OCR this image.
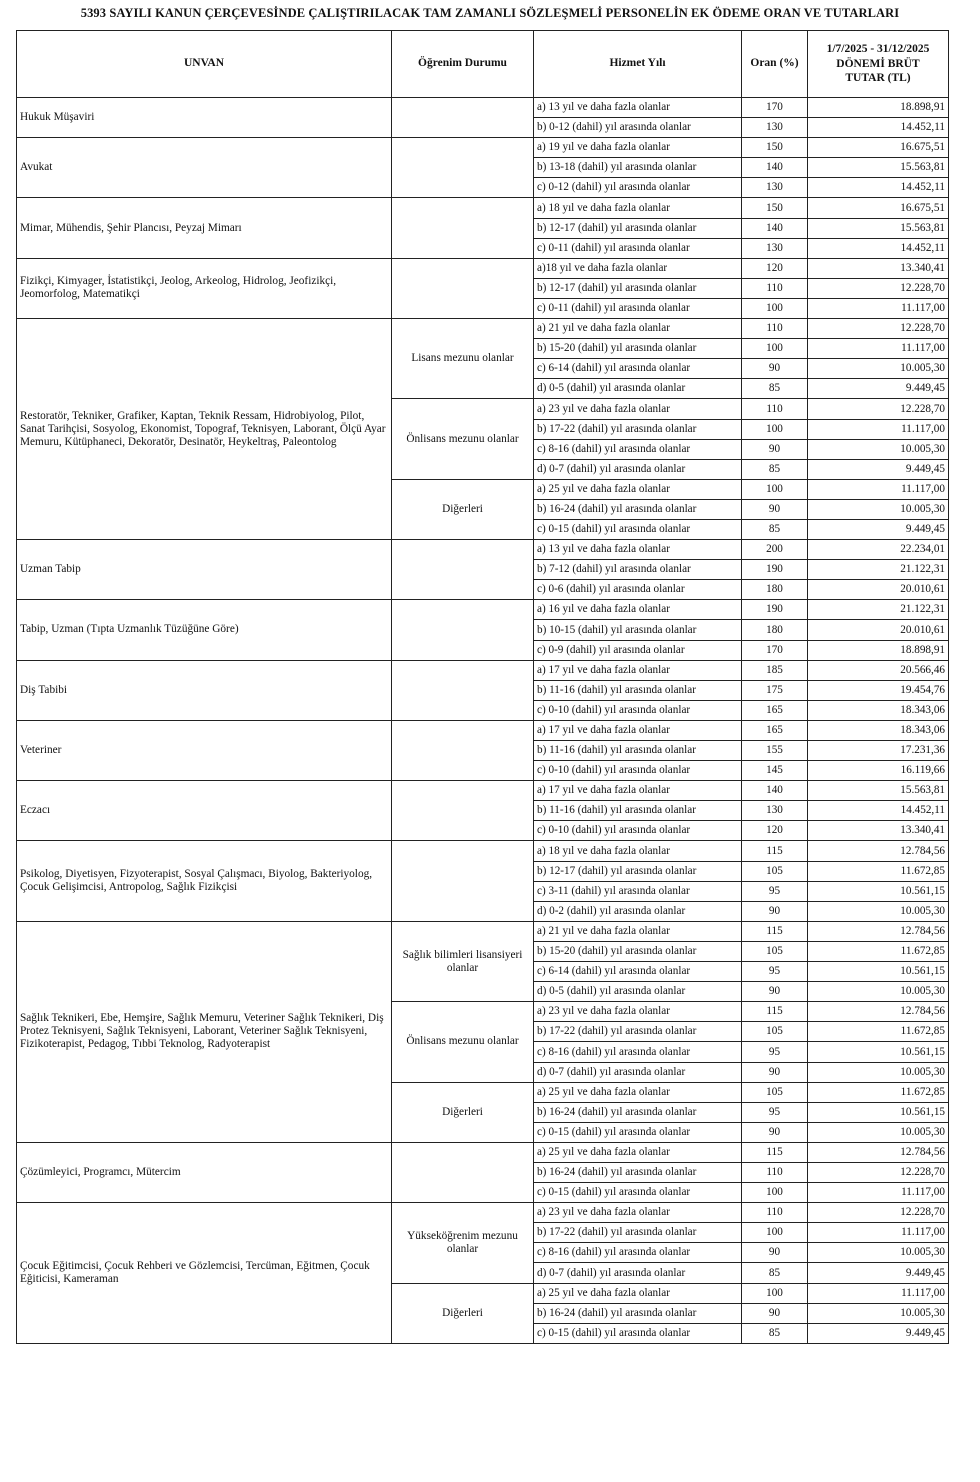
5393 SAYILI KANUN ÇERÇEVESİNDE ÇALIŞTIRILACAK TAM ZAMANLI SÖZLEŞMELİ PERSONELİN EK ÖDEME ORAN VE TUTARLARI
UNVAN	Öğrenim Durumu	Hizmet Yılı	Oran (%)	1/7/2025 - 31/12/2025
DÖNEMİ BRÜT
TUTAR (TL)

Hukuk Müşaviri		a) 13 yıl ve daha fazla olanlar	170	18.898,91
		b) 0-12 (dahil) yıl arasında olanlar	130	14.452,11
Avukat		a) 19 yıl ve daha fazla olanlar	150	16.675,51
		b) 13-18 (dahil) yıl arasında olanlar	140	15.563,81
		c) 0-12 (dahil) yıl arasında olanlar	130	14.452,11
Mimar, Mühendis, Şehir Plancısı, Peyzaj Mimarı		a) 18 yıl ve daha fazla olanlar	150	16.675,51
		b) 12-17 (dahil) yıl arasında olanlar	140	15.563,81
		c) 0-11 (dahil) yıl arasında olanlar	130	14.452,11
Fizikçi, Kimyager, İstatistikçi, Jeolog, Arkeolog, Hidrolog, Jeofizikçi, Jeomorfolog, Matematikçi		a)18 yıl ve daha fazla olanlar	120	13.340,41
		b) 12-17 (dahil) yıl arasında olanlar	110	12.228,70
		c) 0-11 (dahil) yıl arasında olanlar	100	11.117,00
Restoratör, Tekniker, Grafiker, Kaptan, Teknik Ressam, Hidrobiyolog, Pilot, Sanat Tarihçisi, Sosyolog, Ekonomist, Topograf, Teknisyen, Laborant, Ölçü Ayar Memuru, Kütüphaneci, Dekoratör, Desinatör, Heykeltraş, Paleontolog	Lisans mezunu olanlar	a) 21 yıl ve daha fazla olanlar	110	12.228,70
		b) 15-20 (dahil) yıl arasında olanlar	100	11.117,00
		c) 6-14 (dahil) yıl arasında olanlar	90	10.005,30
		d) 0-5 (dahil) yıl arasında olanlar	85	9.449,45
	Önlisans mezunu olanlar	a) 23 yıl ve daha fazla olanlar	110	12.228,70
		b) 17-22 (dahil) yıl arasında olanlar	100	11.117,00
		c) 8-16 (dahil) yıl arasında olanlar	90	10.005,30
		d) 0-7 (dahil) yıl arasında olanlar	85	9.449,45
	Diğerleri	a) 25 yıl ve daha fazla olanlar	100	11.117,00
		b) 16-24 (dahil) yıl arasında olanlar	90	10.005,30
		c) 0-15 (dahil) yıl arasında olanlar	85	9.449,45
Uzman Tabip		a) 13 yıl ve daha fazla olanlar	200	22.234,01
		b) 7-12 (dahil) yıl arasında olanlar	190	21.122,31
		c) 0-6 (dahil) yıl arasında olanlar	180	20.010,61
Tabip, Uzman (Tıpta Uzmanlık Tüzüğüne Göre)		a) 16 yıl ve daha fazla olanlar	190	21.122,31
		b) 10-15 (dahil) yıl arasında olanlar	180	20.010,61
		c) 0-9 (dahil) yıl arasında olanlar	170	18.898,91
Diş Tabibi		a) 17 yıl ve daha fazla olanlar	185	20.566,46
		b) 11-16 (dahil) yıl arasında olanlar	175	19.454,76
		c) 0-10 (dahil) yıl arasında olanlar	165	18.343,06
Veteriner		a) 17 yıl ve daha fazla olanlar	165	18.343,06
		b) 11-16 (dahil) yıl arasında olanlar	155	17.231,36
		c) 0-10 (dahil) yıl arasında olanlar	145	16.119,66
Eczacı		a) 17 yıl ve daha fazla olanlar	140	15.563,81
		b) 11-16 (dahil) yıl arasında olanlar	130	14.452,11
		c) 0-10 (dahil) yıl arasında olanlar	120	13.340,41
Psikolog, Diyetisyen, Fizyoterapist, Sosyal Çalışmacı, Biyolog, Bakteriyolog, Çocuk Gelişimcisi, Antropolog, Sağlık Fizikçisi		a) 18 yıl ve daha fazla olanlar	115	12.784,56
		b) 12-17 (dahil) yıl arasında olanlar	105	11.672,85
		c) 3-11 (dahil) yıl arasında olanlar	95	10.561,15
		d) 0-2 (dahil) yıl arasında olanlar	90	10.005,30
Sağlık Teknikeri, Ebe, Hemşire, Sağlık Memuru, Veteriner Sağlık Teknikeri, Diş Protez Teknisyeni, Sağlık Teknisyeni, Laborant, Veteriner Sağlık Teknisyeni, Fizikoterapist, Pedagog, Tıbbi Teknolog, Radyoterapist	Sağlık bilimleri lisansiyeri olanlar	a) 21 yıl ve daha fazla olanlar	115	12.784,56
		b) 15-20 (dahil) yıl arasında olanlar	105	11.672,85
		c) 6-14 (dahil) yıl arasında olanlar	95	10.561,15
		d) 0-5 (dahil) yıl arasında olanlar	90	10.005,30
	Önlisans mezunu olanlar	a) 23 yıl ve daha fazla olanlar	115	12.784,56
		b) 17-22 (dahil) yıl arasında olanlar	105	11.672,85
		c) 8-16 (dahil) yıl arasında olanlar	95	10.561,15
		d) 0-7 (dahil) yıl arasında olanlar	90	10.005,30
	Diğerleri	a) 25 yıl ve daha fazla olanlar	105	11.672,85
		b) 16-24 (dahil) yıl arasında olanlar	95	10.561,15
		c) 0-15 (dahil) yıl arasında olanlar	90	10.005,30
Çözümleyici, Programcı, Mütercim		a) 25 yıl ve daha fazla olanlar	115	12.784,56
		b) 16-24 (dahil) yıl arasında olanlar	110	12.228,70
		c) 0-15 (dahil) yıl arasında olanlar	100	11.117,00
Çocuk Eğitimcisi, Çocuk Rehberi ve Gözlemcisi, Tercüman, Eğitmen, Çocuk Eğiticisi, Kameraman	Yükseköğrenim mezunu olanlar	a) 23 yıl ve daha fazla olanlar	110	12.228,70
		b) 17-22 (dahil) yıl arasında olanlar	100	11.117,00
		c) 8-16 (dahil) yıl arasında olanlar	90	10.005,30
		d) 0-7 (dahil) yıl arasında olanlar	85	9.449,45
	Diğerleri	a) 25 yıl ve daha fazla olanlar	100	11.117,00
		b) 16-24 (dahil) yıl arasında olanlar	90	10.005,30
		c) 0-15 (dahil) yıl arasında olanlar	85	9.449,45
